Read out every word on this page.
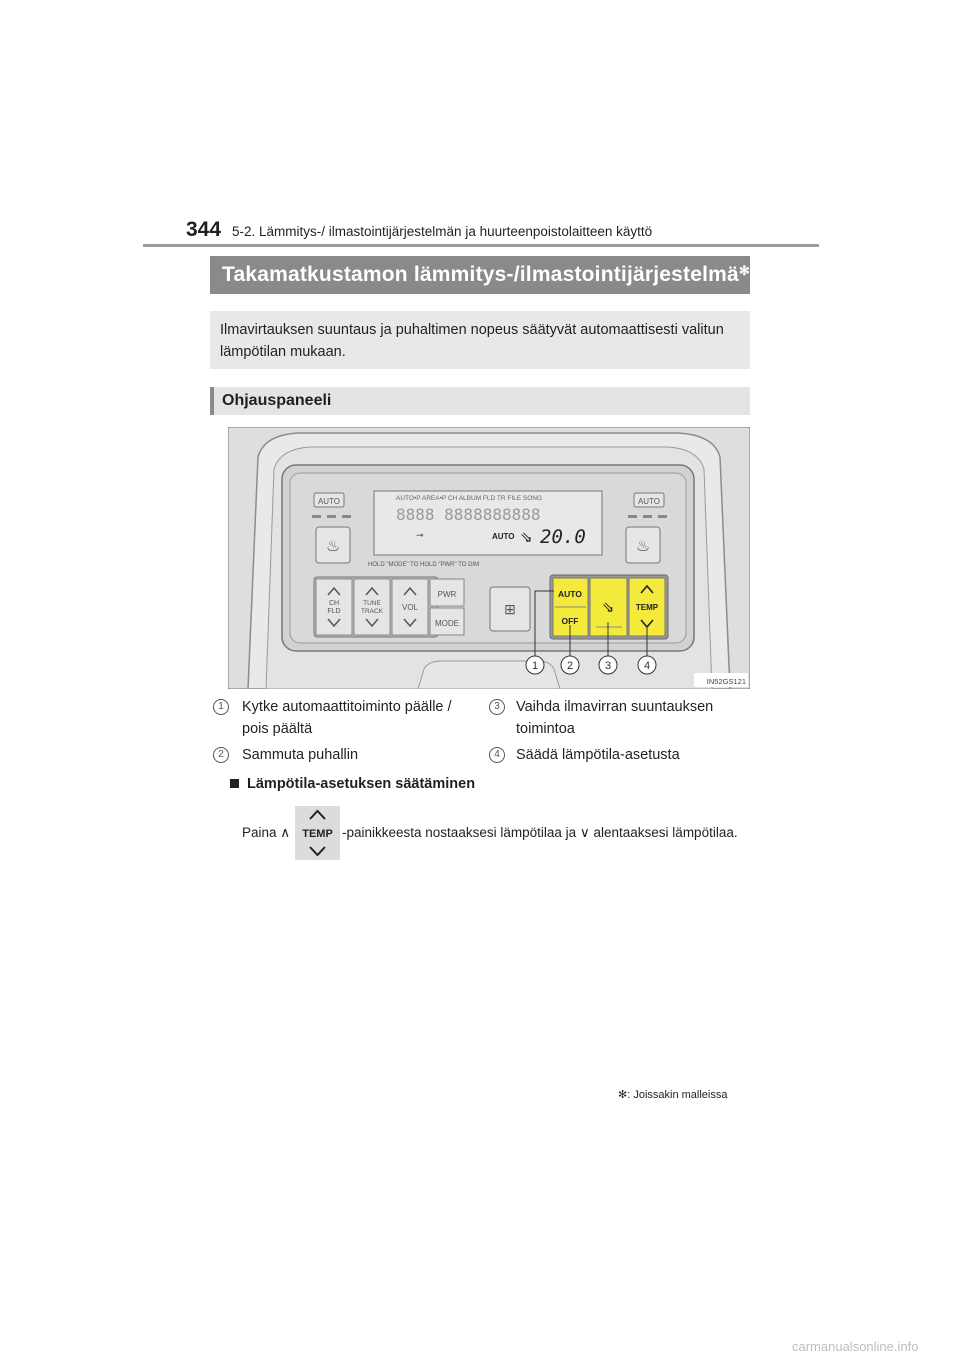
344 5-2. Lämmitys-/ ilmastointijärjestelmän ja huurteenpoistolaitteen käyttö
Takamatkustamon lämmitys-/ilmastointijärjestelmä✻
Ilmavirtauksen suuntaus ja puhaltimen nopeus säätyvät automaattisesti valitun lämpötilan mukaan.
Ohjauspaneeli
AUTO
♨
AUTO
♨
AUTO•P AREA•P CH ALBUM FLD TR FILE SONG
8888 8888888888
⊸	AUTO ⇘ 20.0
HOLD "MODE" TO HOLD "PWR" TO DIM
CH
FLD
TUNE
TRACK VOL
PWR
MODE
⊞
AUTO
OFF
⇘	TEMP
1	2	3	4
IN52GS121
1	Kytke automaattitoiminto päälle /
pois päältä
2	Sammuta puhallin
3	Vaihda ilmavirran suuntauksen
toimintoa
4	Säädä lämpötila-asetusta
Lämpötila-asetuksen säätäminen
Paina ∧ TEMP -painikkeesta nostaaksesi lämpötilaa ja ∨ alentaaksesi lämpötilaa.
✻: Joissakin malleissa
carmanualsonline.info
